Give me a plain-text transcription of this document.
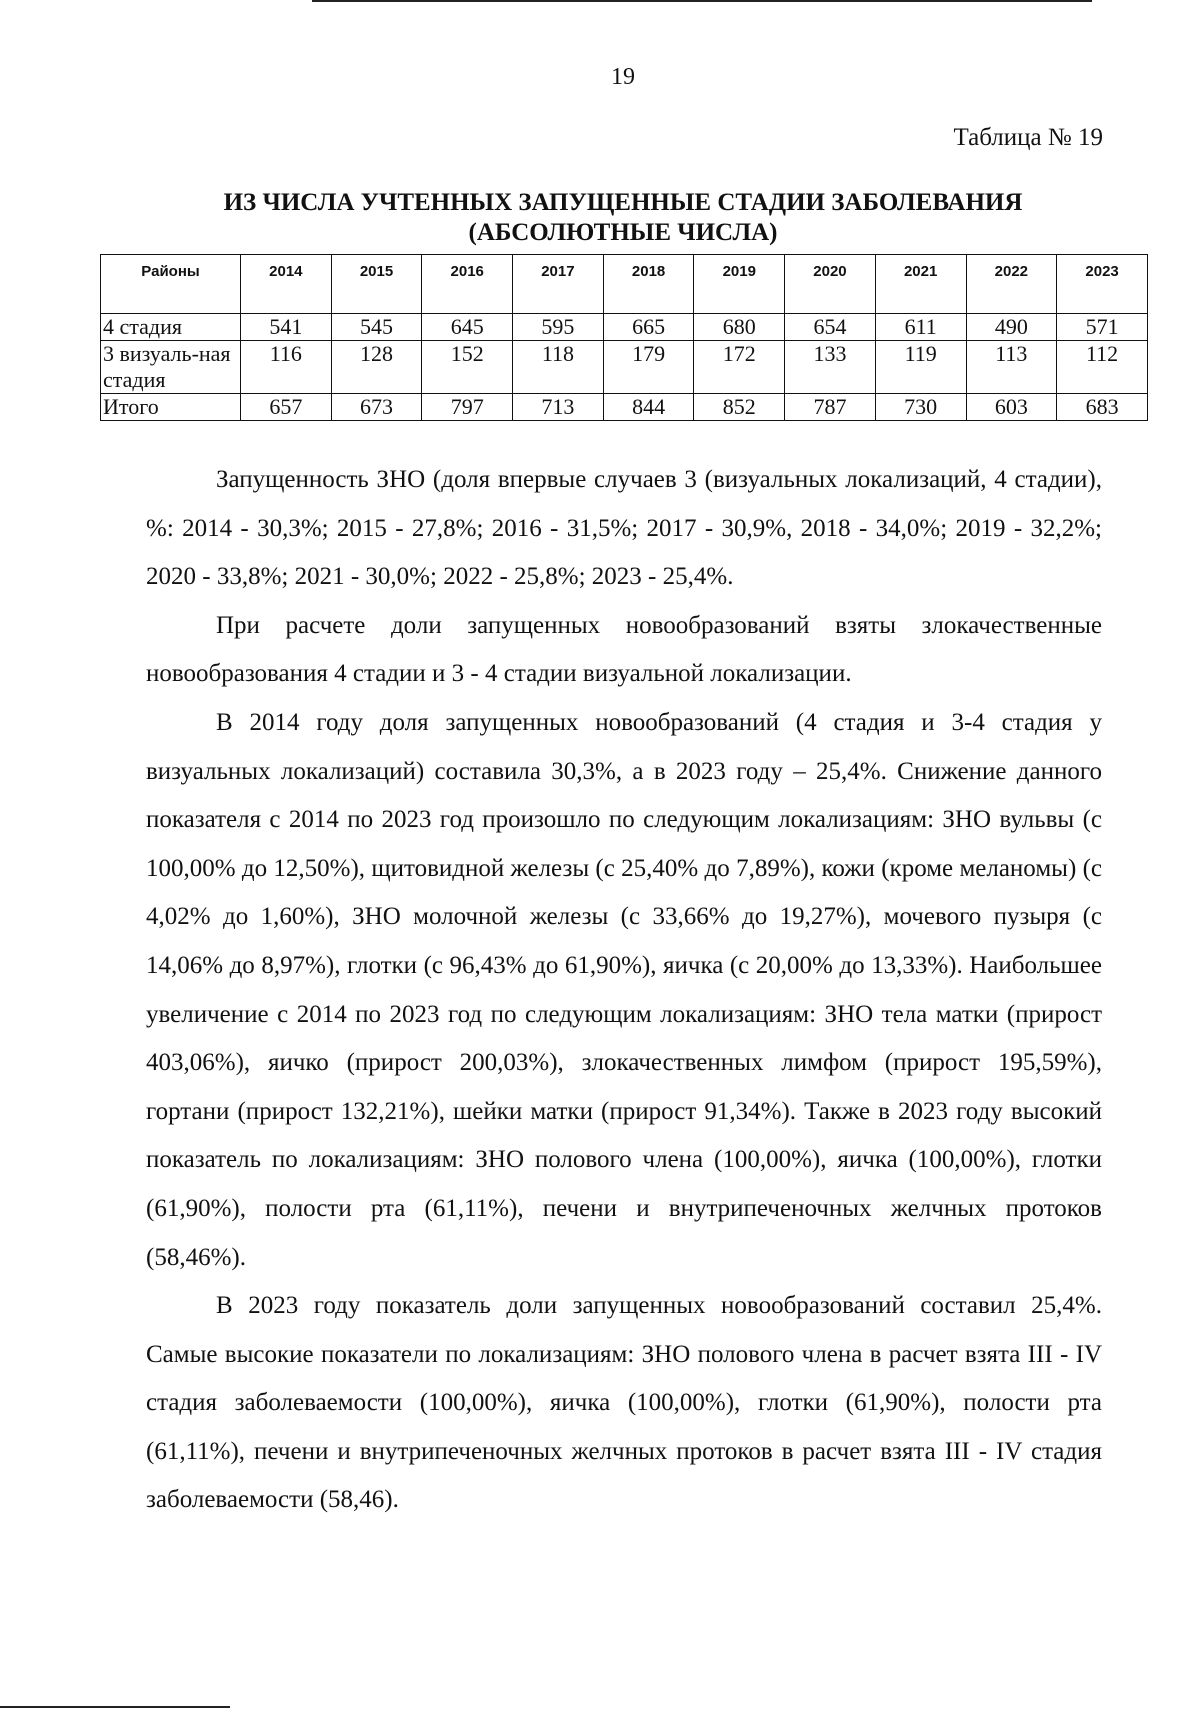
19
Таблица № 19
ИЗ ЧИСЛА УЧТЕННЫХ ЗАПУЩЕННЫЕ СТАДИИ ЗАБОЛЕВАНИЯ
(АБСОЛЮТНЫЕ ЧИСЛА)
Районы	2014	2015	2016	2017	2018	2019	2020	2021	2022	2023
4 стадия	541	545	645	595	665	680	654	611	490	571
3 визуаль-ная стадия	116	128	152	118	179	172	133	119	113	112
Итого	657	673	797	713	844	852	787	730	603	683

Запущенность ЗНО (доля впервые случаев 3 (визуальных локализаций, 4 стадии), %: 2014 - 30,3%; 2015 - 27,8%; 2016 - 31,5%; 2017 - 30,9%, 2018 - 34,0%; 2019 - 32,2%; 2020 - 33,8%; 2021 - 30,0%; 2022 - 25,8%; 2023 - 25,4%.

При расчете доли запущенных новообразований взяты злокачественные новообразования 4 стадии и 3 - 4 стадии визуальной локализации.

В 2014 году доля запущенных новообразований (4 стадия и 3-4 стадия у визуальных локализаций) составила 30,3%, а в 2023 году – 25,4%. Снижение данного показателя с 2014 по 2023 год произошло по следующим локализациям: ЗНО вульвы (с 100,00% до 12,50%), щитовидной железы (с 25,40% до 7,89%), кожи (кроме меланомы) (с 4,02% до 1,60%), ЗНО молочной железы (с 33,66% до 19,27%), мочевого пузыря (с 14,06% до 8,97%), глотки (с 96,43% до 61,90%), яичка (с 20,00% до 13,33%). Наибольшее увеличение с 2014 по 2023 год по следующим локализациям: ЗНО тела матки (прирост 403,06%), яичко (прирост 200,03%), злокачественных лимфом (прирост 195,59%), гортани (прирост 132,21%), шейки матки (прирост 91,34%). Также в 2023 году высокий показатель по локализациям: ЗНО полового члена (100,00%), яичка (100,00%), глотки (61,90%), полости рта (61,11%), печени и внутрипеченочных желчных протоков (58,46%).

В 2023 году показатель доли запущенных новообразований составил 25,4%. Самые высокие показатели по локализациям: ЗНО полового члена в расчет взята III - IV стадия заболеваемости (100,00%), яичка (100,00%), глотки (61,90%), полости рта (61,11%), печени и внутрипеченочных желчных протоков в расчет взята III - IV стадия заболеваемости (58,46).
